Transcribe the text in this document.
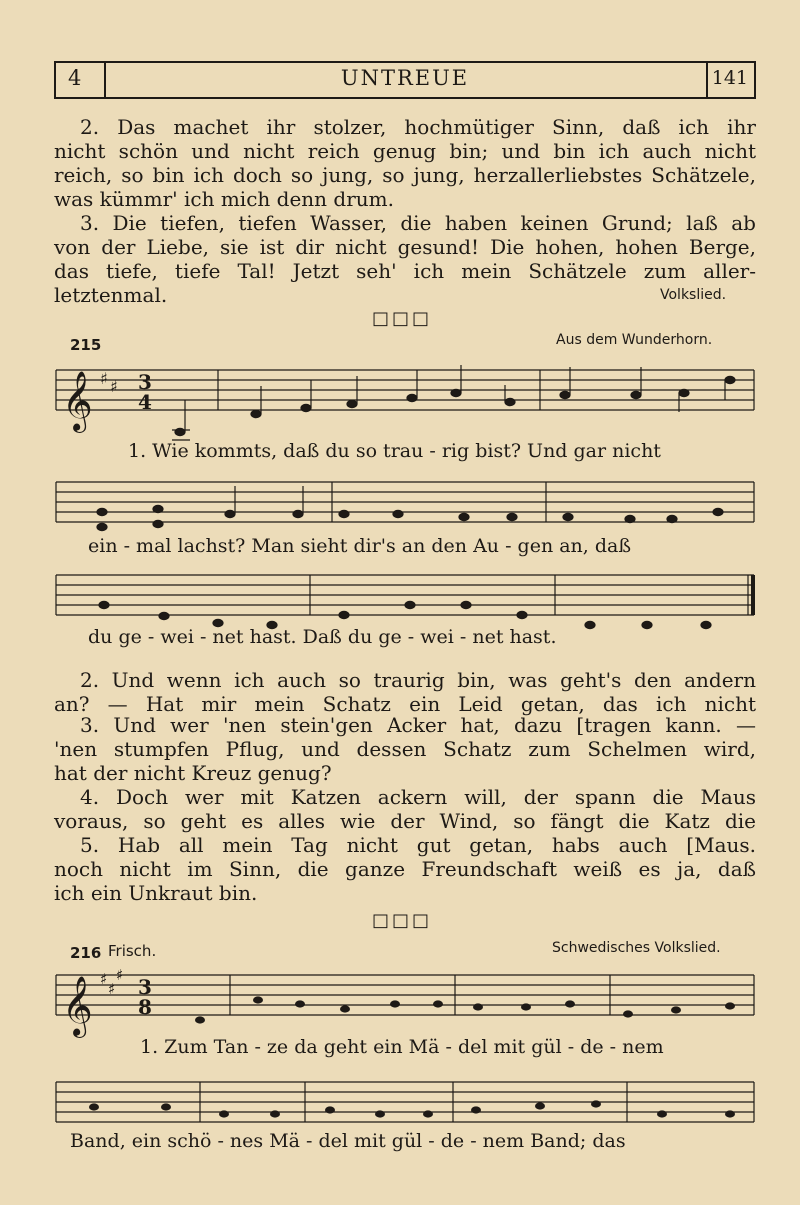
4	UNTREUE	141

2. Das machet ihr stolzer, hochmütiger Sinn, daß ich ihr

nicht schön und nicht reich genug bin; und bin ich auch nicht

reich, so bin ich doch so jung, so jung, herzallerliebstes Schätzele,

was kümmr' ich mich denn drum.

3. Die tiefen, tiefen Wasser, die haben keinen Grund; laß ab

von der Liebe, sie ist dir nicht gesund! Die hohen, hohen Berge,

das tiefe, tiefe Tal! Jetzt seh' ich mein Schätzele zum aller-

letztenmal.	Volkslied.
□□□
215	Aus dem Wunderhorn.
𝄞 ♯ ♯ 3
4
1. Wie kommts, daß du so trau - rig bist? Und gar nicht
ein - mal lachst? Man sieht dir's an den Au - gen an, daß
du ge - wei - net hast. Daß du ge - wei - net hast.

2. Und wenn ich auch so traurig bin, was geht's den andern

an? — Hat mir mein Schatz ein Leid getan, das ich nicht

3. Und wer 'nen stein'gen Acker hat, dazu [tragen kann. —

'nen stumpfen Pflug, und dessen Schatz zum Schelmen wird,

hat der nicht Kreuz genug?

4. Doch wer mit Katzen ackern will, der spann die Maus

voraus, so geht es alles wie der Wind, so fängt die Katz die

5. Hab all mein Tag nicht gut getan, habs auch [Maus.

noch nicht im Sinn, die ganze Freundschaft weiß es ja, daß

ich ein Unkraut bin.

□□□
216 Frisch.	Schwedisches Volkslied.
𝄞 ♯
♯
♯ 3
8
1. Zum Tan - ze da geht ein Mä - del mit gül - de - nem
Band, ein schö - nes Mä - del mit gül - de - nem Band; das
